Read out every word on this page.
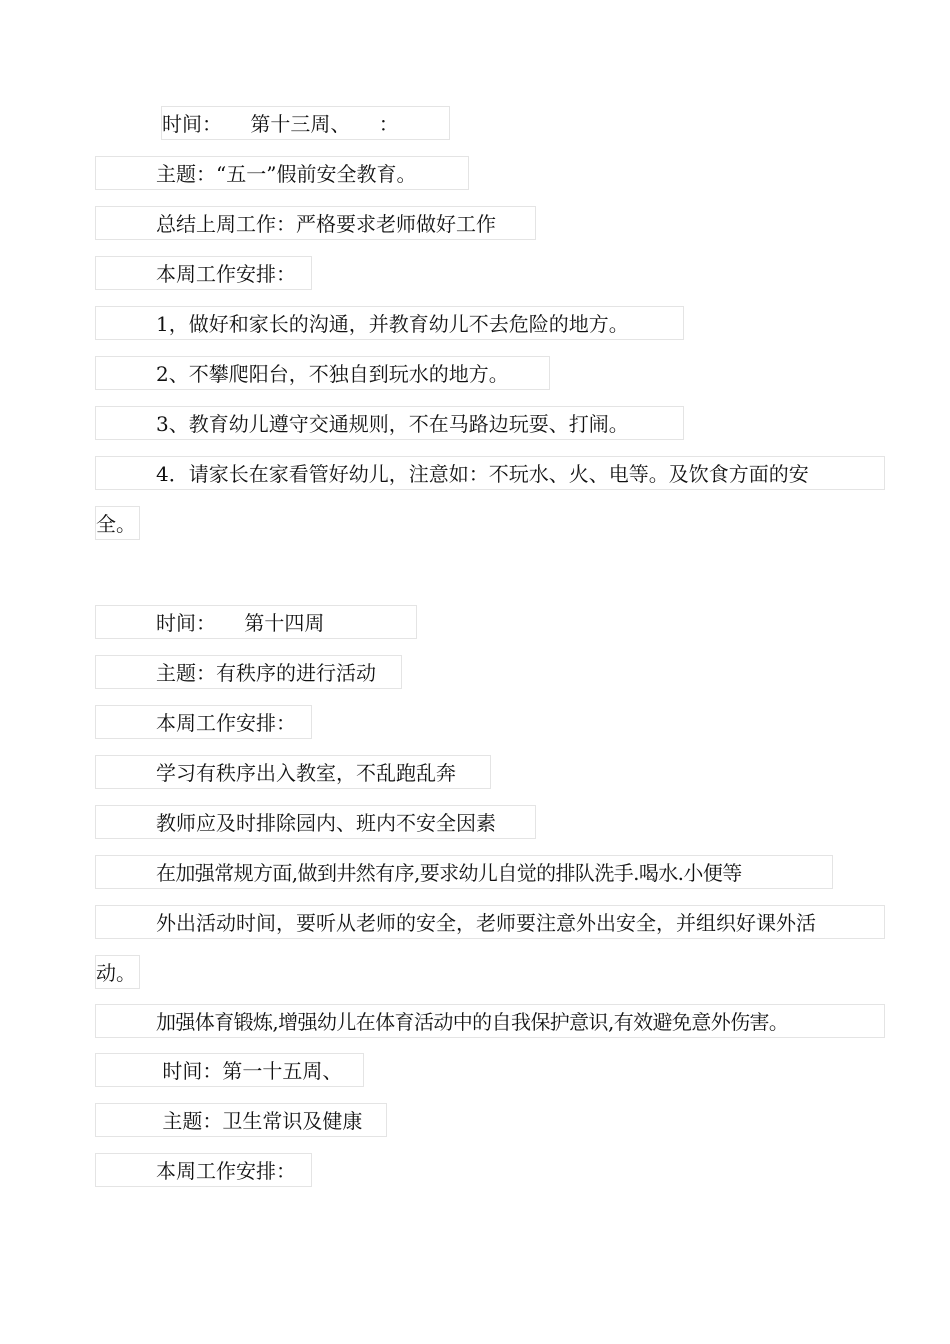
时间： 第十三周、 ：
主题：“五一”假前安全教育。
总结上周工作：严格要求老师做好工作
本周工作安排：
1，做好和家长的沟通，并教育幼儿不去危险的地方。
2、不攀爬阳台，不独自到玩水的地方。
3、教育幼儿遵守交通规则，不在马路边玩耍、打闹。
4．请家长在家看管好幼儿，注意如：不玩水、火、电等。及饮食方面的安
全。
时间： 第十四周
主题：有秩序的进行活动
本周工作安排：
学习有秩序出入教室，不乱跑乱奔
教师应及时排除园内、班内不安全因素
在加强常规方面,做到井然有序,要求幼儿自觉的排队洗手.喝水.小便等
外出活动时间，要听从老师的安全，老师要注意外出安全，并组织好课外活
动。
加强体育锻炼,增强幼儿在体育活动中的自我保护意识,有效避免意外伤害。
时间：第一十五周、
主题：卫生常识及健康
本周工作安排：
